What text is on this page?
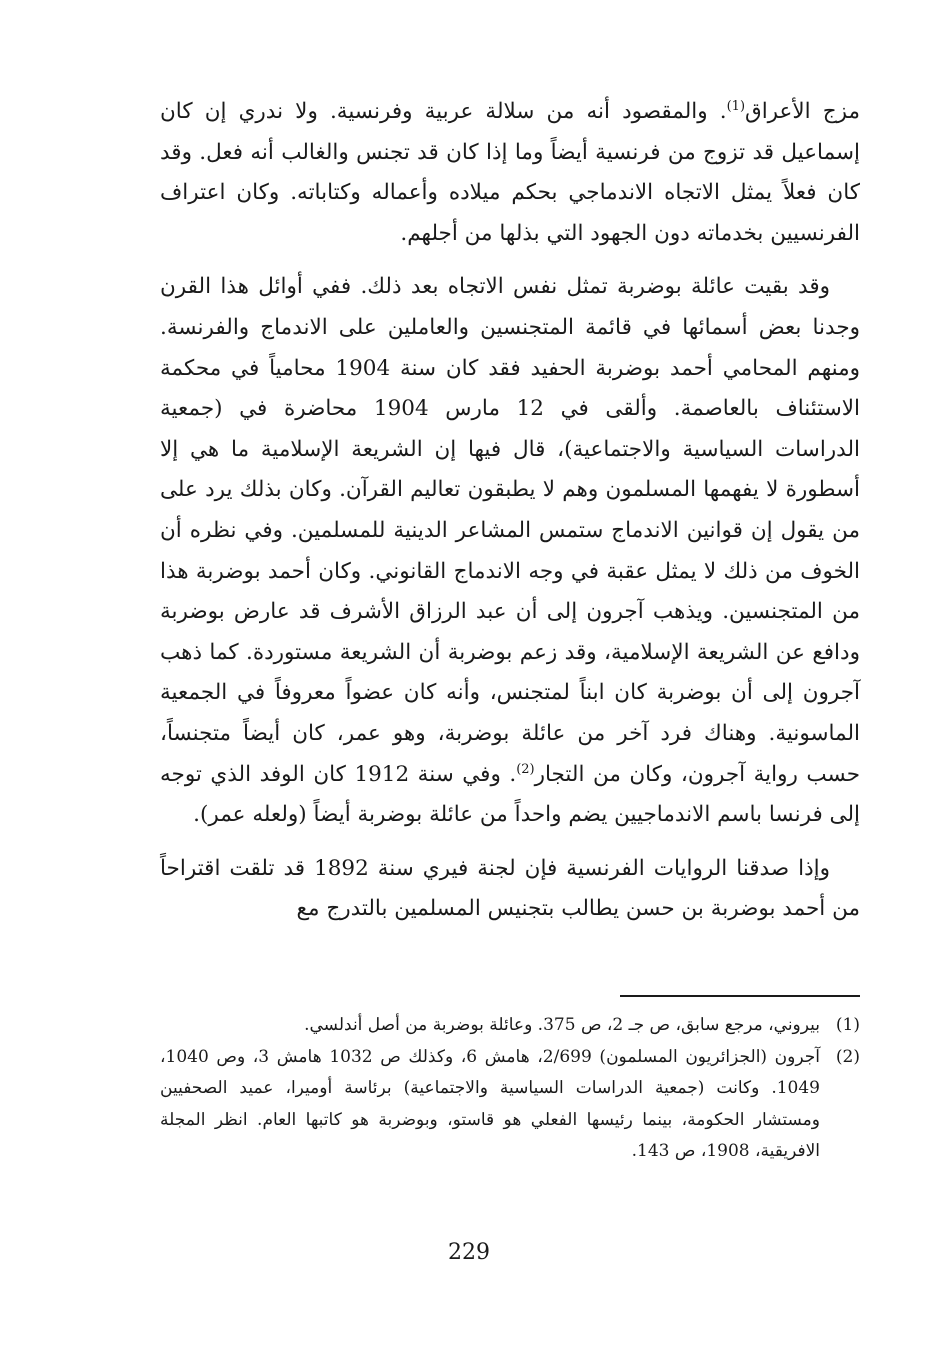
مزج الأعراق$^{(1)}$. والمقصود أنه من سلالة عربية وفرنسية. ولا ندري إن كان إسماعيل قد تزوج من فرنسية أيضاً وما إذا كان قد تجنس والغالب أنه فعل. وقد كان فعلاً يمثل الاتجاه الاندماجي بحكم ميلاده وأعماله وكتاباته. وكان اعتراف الفرنسيين بخدماته دون الجهود التي بذلها من أجلهم.

وقد بقيت عائلة بوضربة تمثل نفس الاتجاه بعد ذلك. ففي أوائل هذا القرن وجدنا بعض أسمائها في قائمة المتجنسين والعاملين على الاندماج والفرنسة. ومنهم المحامي أحمد بوضربة الحفيد فقد كان سنة 1904 محامياً في محكمة الاستئناف بالعاصمة. وألقى في 12 مارس 1904 محاضرة في (جمعية الدراسات السياسية والاجتماعية)، قال فيها إن الشريعة الإسلامية ما هي إلا أسطورة لا يفهمها المسلمون وهم لا يطبقون تعاليم القرآن. وكان بذلك يرد على من يقول إن قوانين الاندماج ستمس المشاعر الدينية للمسلمين. وفي نظره أن الخوف من ذلك لا يمثل عقبة في وجه الاندماج القانوني. وكان أحمد بوضربة هذا من المتجنسين. ويذهب آجرون إلى أن عبد الرزاق الأشرف قد عارض بوضربة ودافع عن الشريعة الإسلامية، وقد زعم بوضربة أن الشريعة مستوردة. كما ذهب آجرون إلى أن بوضربة كان ابناً لمتجنس، وأنه كان عضواً معروفاً في الجمعية الماسونية. وهناك فرد آخر من عائلة بوضربة، وهو عمر، كان أيضاً متجنساً، حسب رواية آجرون، وكان من التجار$^{(2)}$. وفي سنة 1912 كان الوفد الذي توجه إلى فرنسا باسم الاندماجيين يضم واحداً من عائلة بوضربة أيضاً (ولعله عمر).

وإذا صدقنا الروايات الفرنسية فإن لجنة فيري سنة 1892 قد تلقت اقتراحاً من أحمد بوضربة بن حسن يطالب بتجنيس المسلمين بالتدرج مع

(1)
بيروني، مرجع سابق، ص جـ 2، ص 375. وعائلة بوضربة من أصل أندلسي.
(2)
آجرون (الجزائريون المسلمون) 2/699، هامش 6، وكذلك ص 1032 هامش 3، وص 1040، 1049. وكانت (جمعية الدراسات السياسية والاجتماعية) برئاسة أوميرا، عميد الصحفيين ومستشار الحكومة، بينما رئيسها الفعلي هو قاستو، وبوضربة هو كاتبها العام. انظر المجلة الافريقية، 1908، ص 143.
229
